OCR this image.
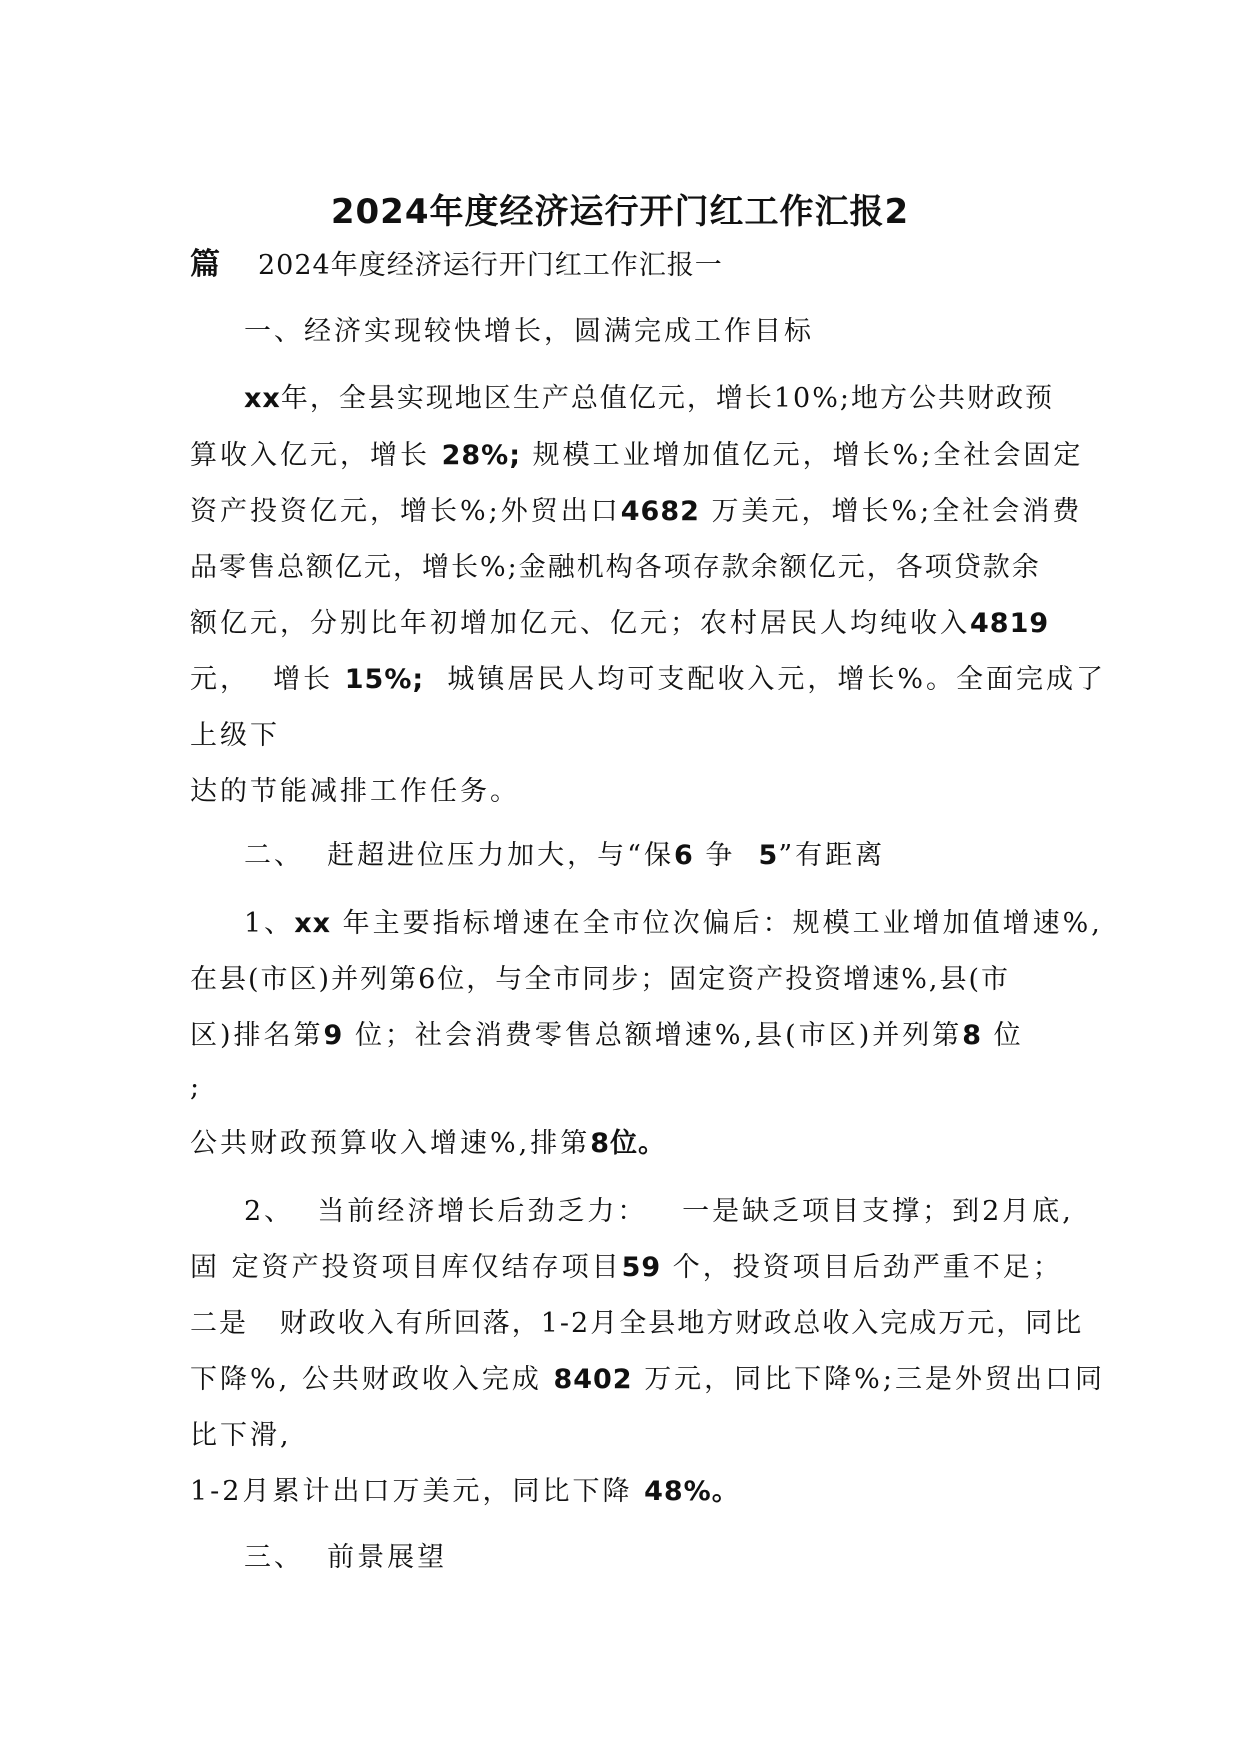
2024年度经济运行开门红工作汇报2
篇 2024年度经济运行开门红工作汇报一
一、经济实现较快增长，圆满完成工作目标
xx年，全县实现地区生产总值亿元，增长10%;地方公共财政预
算收入亿元，增长 28%; 规模工业增加值亿元，增长%;全社会固定
资产投资亿元，增长%;外贸出口4682 万美元，增长%;全社会消费
品零售总额亿元，增长%;金融机构各项存款余额亿元，各项贷款余
额亿元，分别比年初增加亿元、亿元；农村居民人均纯收入4819
元， 增长 15%; 城镇居民人均可支配收入元，增长%。全面完成了
上级下
达的节能减排工作任务。
二、 赶超进位压力加大，与“保6 争 5”有距离
1、xx 年主要指标增速在全市位次偏后：规模工业增加值增速%,
在县(市区)并列第6位，与全市同步；固定资产投资增速%,县(市
区)排名第9 位；社会消费零售总额增速%,县(市区)并列第8 位
;
公共财政预算收入增速%,排第8位。
2、 当前经济增长后劲乏力： 一是缺乏项目支撑；到2月底,
固 定资产投资项目库仅结存项目59 个，投资项目后劲严重不足；
二是 财政收入有所回落，1-2月全县地方财政总收入完成万元，同比
下降%, 公共财政收入完成 8402 万元，同比下降%;三是外贸出口同
比下滑,
1-2月累计出口万美元，同比下降 48%。
三、 前景展望
